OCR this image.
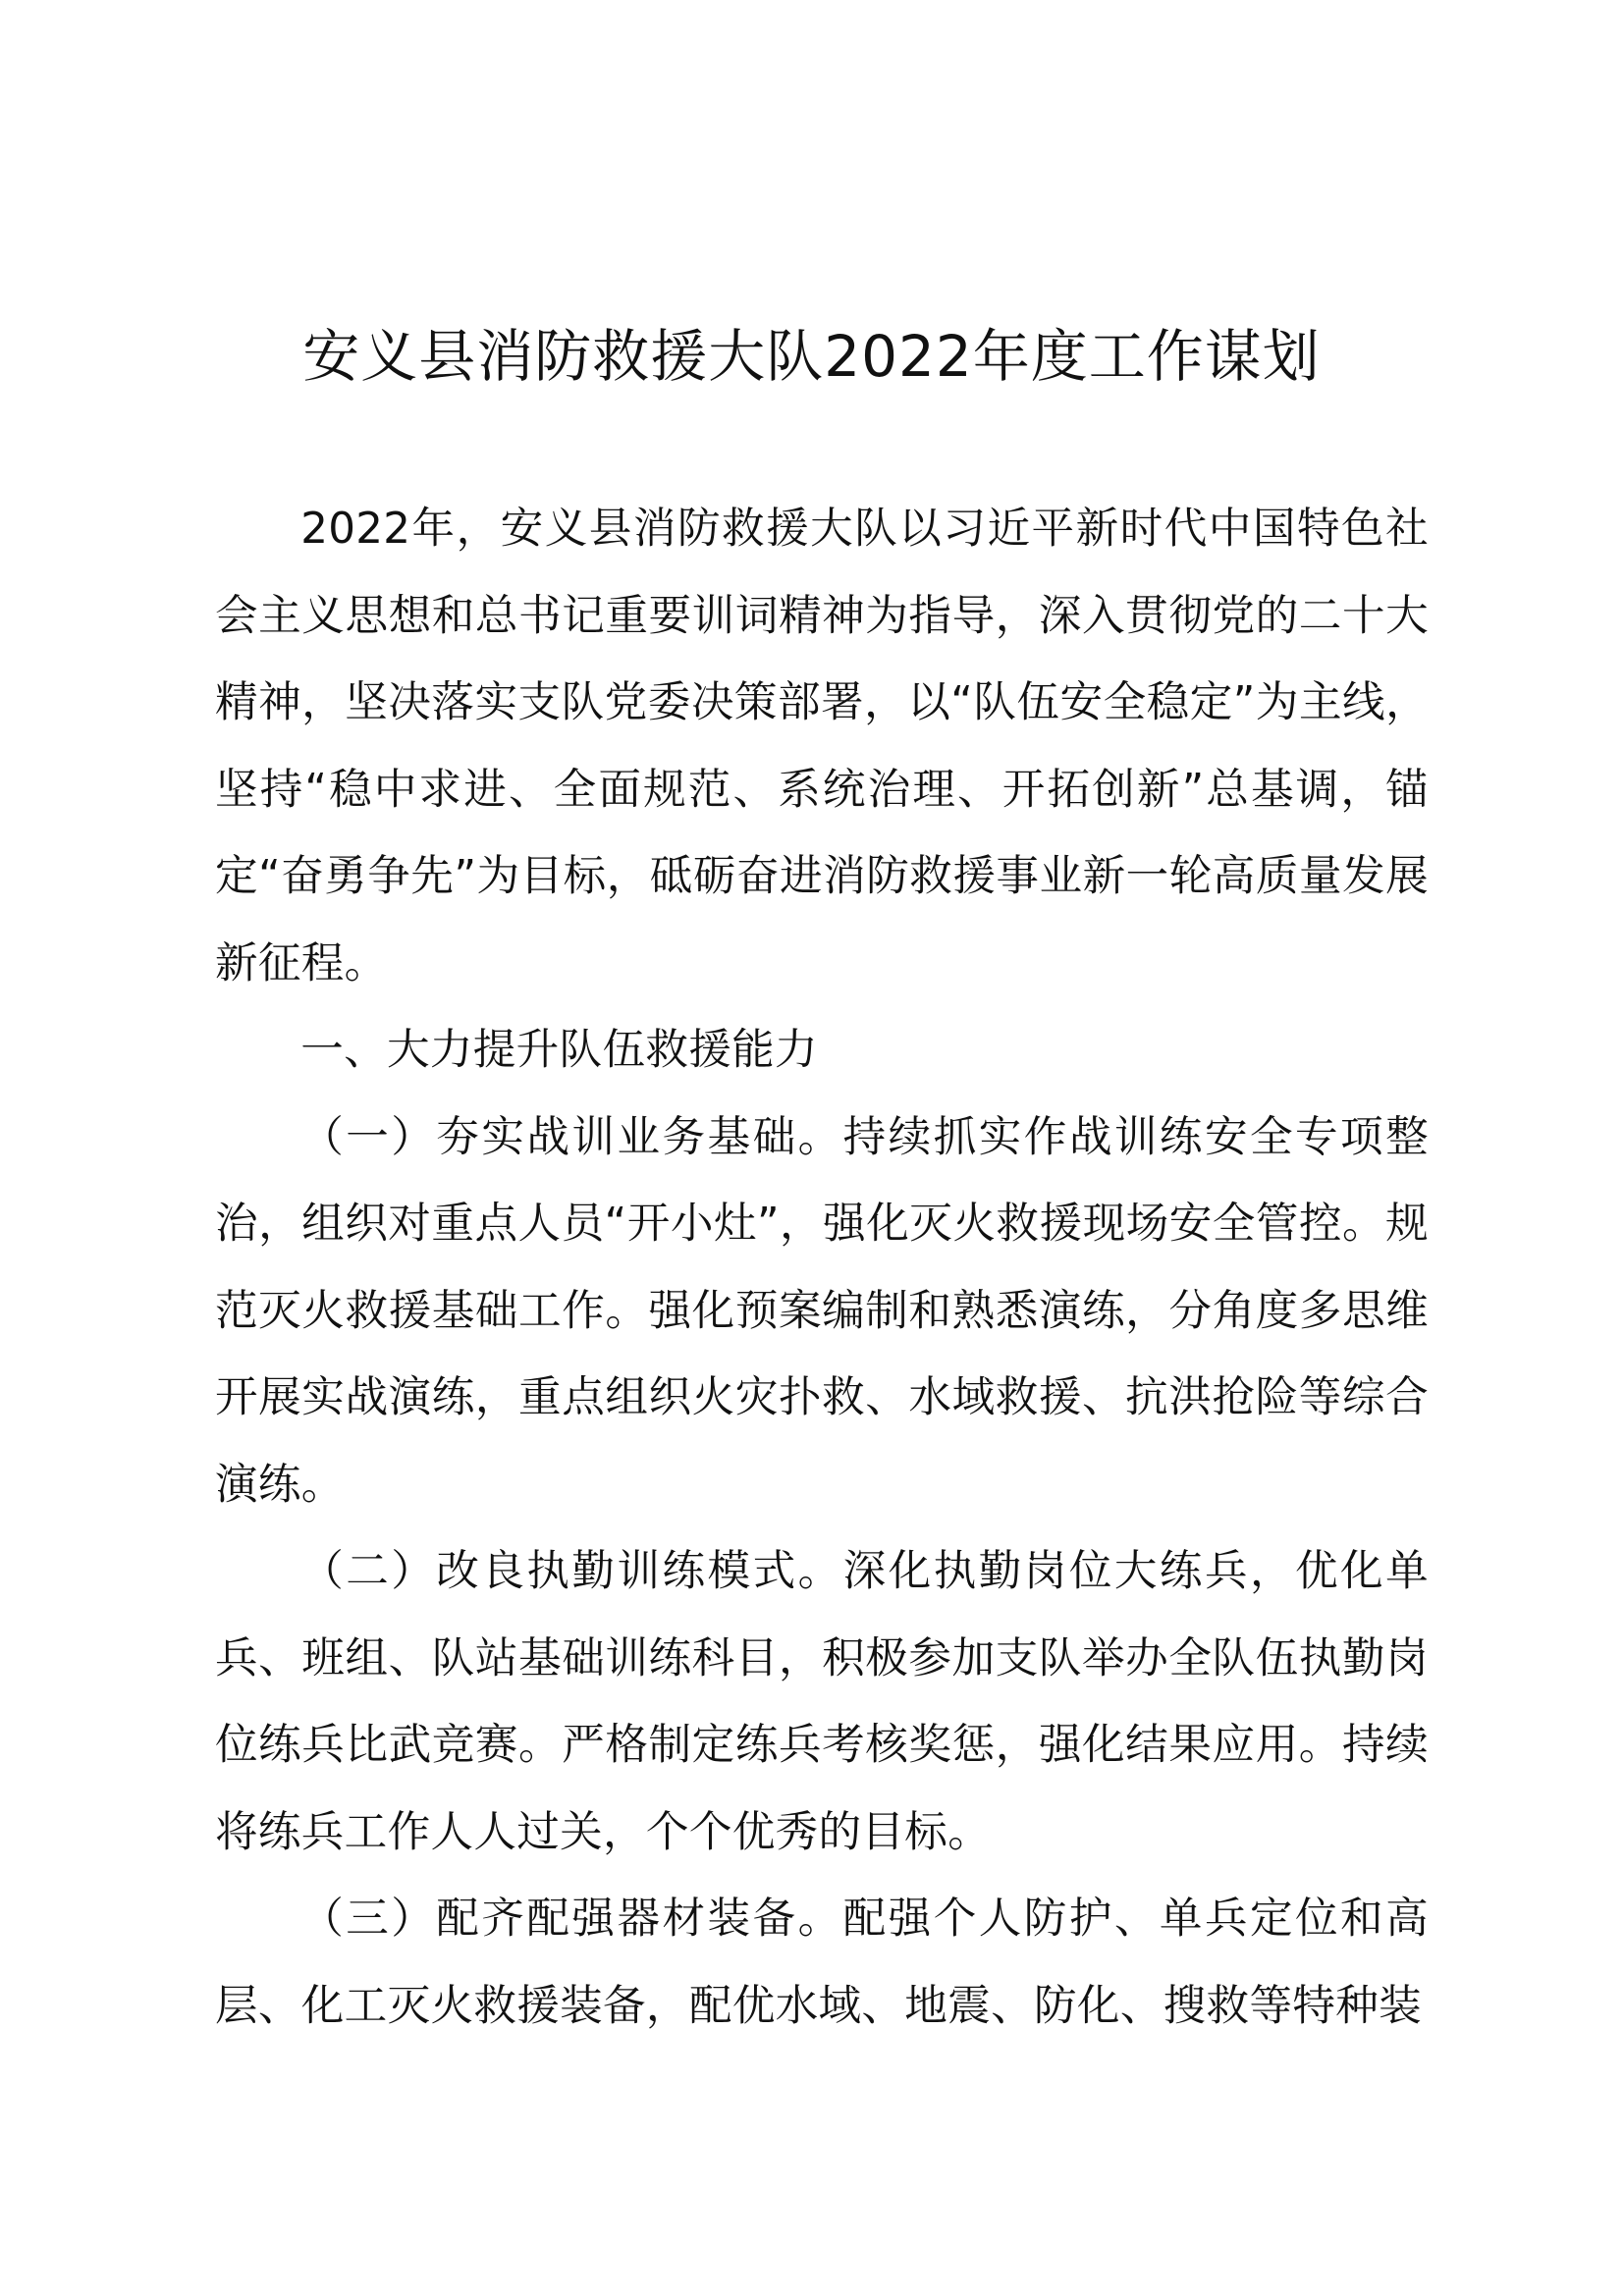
安义县消防救援大队2022年度工作谋划

2022年，安义县消防救援大队以习近平新时代中国特色社会主义思想和总书记重要训词精神为指导，深入贯彻党的二十大精神，坚决落实支队党委决策部署，以“队伍安全稳定”为主线，坚持“稳中求进、全面规范、系统治理、开拓创新”总基调，锚定“奋勇争先”为目标，砥砺奋进消防救援事业新一轮高质量发展新征程。

一、大力提升队伍救援能力

（一）夯实战训业务基础。持续抓实作战训练安全专项整治，组织对重点人员“开小灶”，强化灭火救援现场安全管控。规范灭火救援基础工作。强化预案编制和熟悉演练，分角度多思维开展实战演练，重点组织火灾扑救、水域救援、抗洪抢险等综合演练。

（二）改良执勤训练模式。深化执勤岗位大练兵，优化单兵、班组、队站基础训练科目，积极参加支队举办全队伍执勤岗位练兵比武竞赛。严格制定练兵考核奖惩，强化结果应用。持续将练兵工作人人过关，个个优秀的目标。

（三）配齐配强器材装备。配强个人防护、单兵定位和高层、化工灭火救援装备，配优水域、地震、防化、搜救等特种装
